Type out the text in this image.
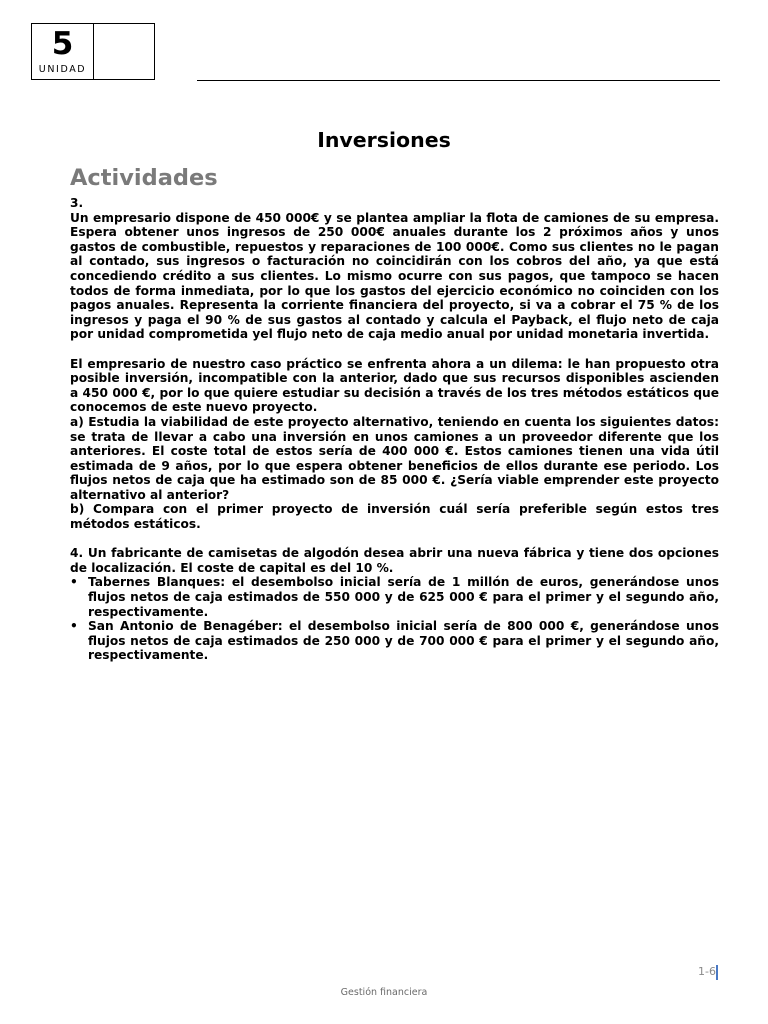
5
UNIDAD
Inversiones
Actividades

3.

Un empresario dispone de 450 000€ y se plantea ampliar la flota de camiones de su empresa. Espera obtener unos ingresos de 250 000€ anuales durante los 2 próximos años y unos gastos de combustible, repuestos y reparaciones de 100 000€. Como sus clientes no le pagan al contado, sus ingresos o facturación no coincidirán con los cobros del año, ya que está concediendo crédito a sus clientes. Lo mismo ocurre con sus pagos, que tampoco se hacen todos de forma inmediata, por lo que los gastos del ejercicio económico no coinciden con los pagos anuales. Representa la corriente financiera del proyecto, si va a cobrar el 75 % de los ingresos y paga el 90 % de sus gastos al contado y calcula el Payback, el flujo neto de caja por unidad comprometida yel flujo neto de caja medio anual por unidad monetaria invertida.

El empresario de nuestro caso práctico se enfrenta ahora a un dilema: le han propuesto otra posible inversión, incompatible con la anterior, dado que sus recursos disponibles ascienden a 450 000 €, por lo que quiere estudiar su decisión a través de los tres métodos estáticos que conocemos de este nuevo proyecto.

a) Estudia la viabilidad de este proyecto alternativo, teniendo en cuenta los siguientes datos: se trata de llevar a cabo una inversión en unos camiones a un proveedor diferente que los anteriores. El coste total de estos sería de 400 000 €. Estos camiones tienen una vida útil estimada de 9 años, por lo que espera obtener beneficios de ellos durante ese periodo. Los flujos netos de caja que ha estimado son de 85 000 €. ¿Sería viable emprender este proyecto alternativo al anterior?

b) Compara con el primer proyecto de inversión cuál sería preferible según estos tres métodos estáticos.

4. Un fabricante de camisetas de algodón desea abrir una nueva fábrica y tiene dos opciones de localización. El coste de capital es del 10 %.

• Tabernes Blanques: el desembolso inicial sería de 1 millón de euros, generándose unos flujos netos de caja estimados de 550 000 y de 625 000 € para el primer y el segundo año, respectivamente.
• San Antonio de Benagéber: el desembolso inicial sería de 800 000 €, generándose unos flujos netos de caja estimados de 250 000 y de 700 000 € para el primer y el segundo año, respectivamente.
1-6
Gestión financiera
